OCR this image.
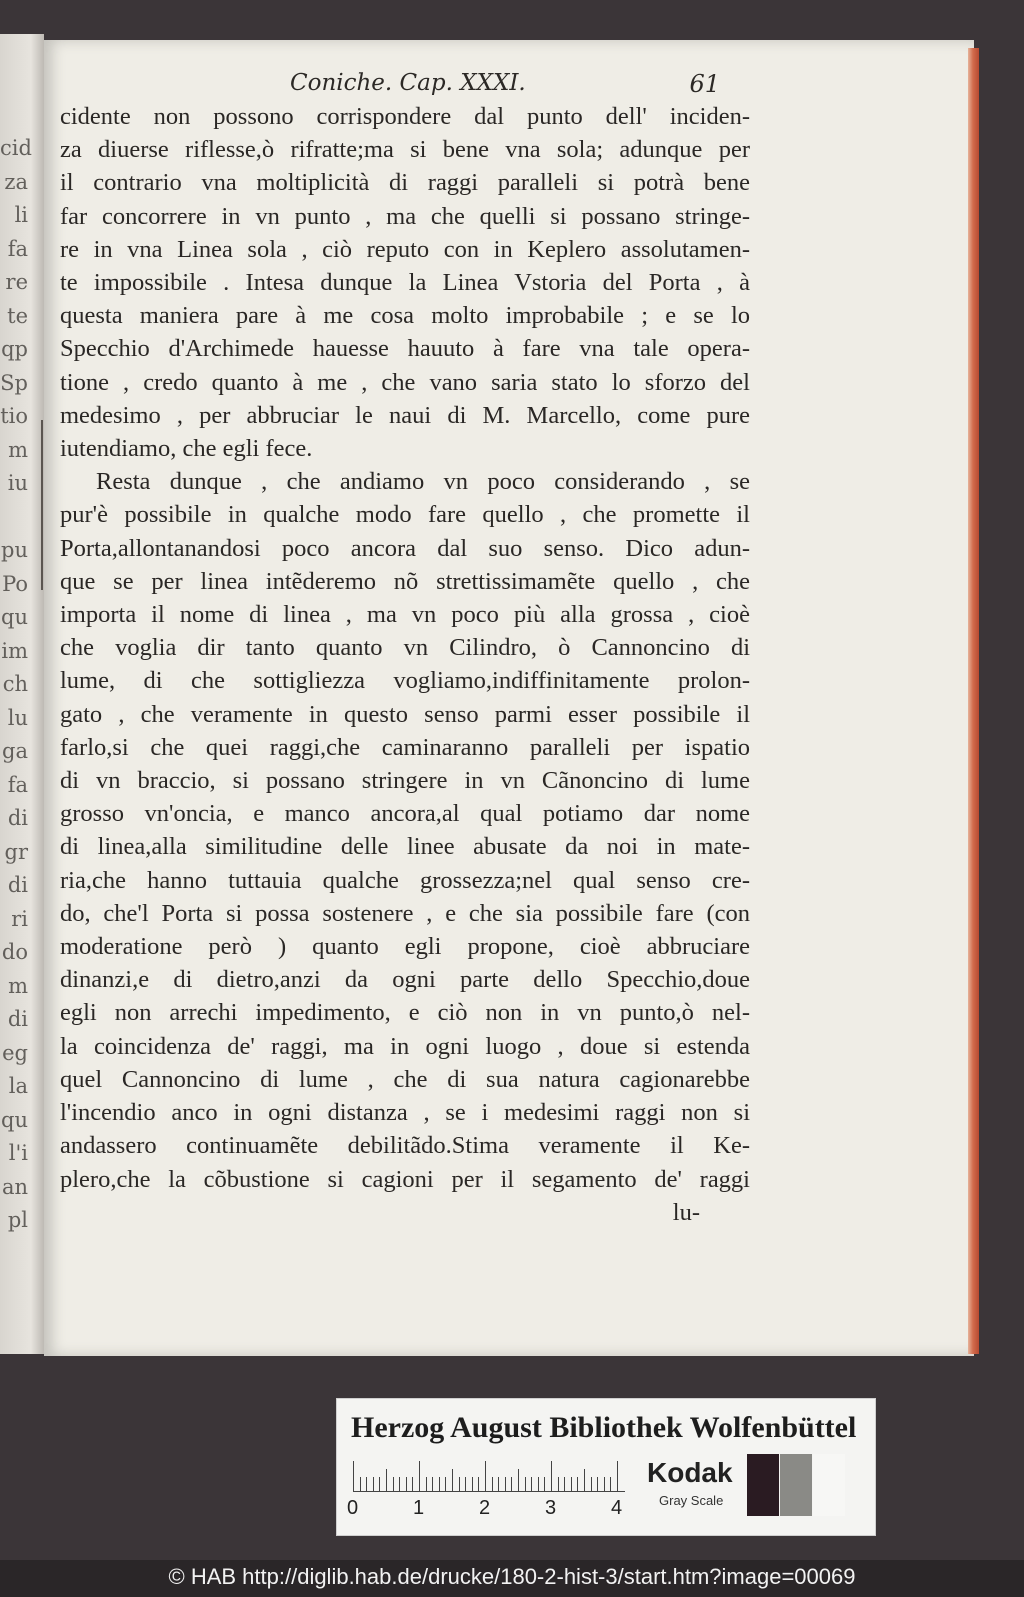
cid
za
li
fa
re
te
qp
Sp
tio
m
iu

pu
Po
qu
im
ch
lu
ga
fa
di
gr
di
ri
do
m
di
eg
la
qu
l'i
an
pl
Coniche. Cap. XXXI.	61
cidente non possono corrispondere dal punto dell' inciden-
za diuerse riflesse,ò rifratte;ma si bene vna sola; adunque per
il contrario vna moltiplicità di raggi paralleli si potrà bene
far concorrere in vn punto , ma che quelli si possano stringe-
re in vna Linea sola , ciò reputo con in Keplero assolutamen-
te impossibile . Intesa dunque la Linea Vstoria del Porta , à
questa maniera pare à me cosa molto improbabile ; e se lo
Specchio d'Archimede hauesse hauuto à fare vna tale opera-
tione , credo quanto à me , che vano saria stato lo sforzo del
medesimo , per abbruciar le naui di M. Marcello, come pure
iutendiamo, che egli fece.
Resta dunque , che andiamo vn poco considerando , se
pur'è possibile in qualche modo fare quello , che promette il
Porta,allontanandosi poco ancora dal suo senso. Dico adun-
que se per linea intẽderemo nõ strettissimamẽte quello , che
importa il nome di linea , ma vn poco più alla grossa , cioè
che voglia dir tanto quanto vn Cilindro, ò Cannoncino di
lume, di che sottigliezza vogliamo,indiffinitamente prolon-
gato , che veramente in questo senso parmi esser possibile il
farlo,si che quei raggi,che caminaranno paralleli per ispatio
di vn braccio, si possano stringere in vn Cãnoncino di lume
grosso vn'oncia, e manco ancora,al qual potiamo dar nome
di linea,alla similitudine delle linee abusate da noi in mate-
ria,che hanno tuttauia qualche grossezza;nel qual senso cre-
do, che'l Porta si possa sostenere , e che sia possibile fare (con
moderatione però ) quanto egli propone, cioè abbruciare
dinanzi,e di dietro,anzi da ogni parte dello Specchio,doue
egli non arrechi impedimento, e ciò non in vn punto,ò nel-
la coincidenza de' raggi, ma in ogni luogo , doue si estenda
quel Cannoncino di lume , che di sua natura cagionarebbe
l'incendio anco in ogni distanza , se i medesimi raggi non si
andassero continuamẽte debilitãdo.Stima veramente il Ke-
plero,che la cõbustione si cagioni per il segamento de' raggi
lu-
Herzog August Bibliothek Wolfenbüttel
0	1	2	3	4
Kodak
Gray Scale
© HAB http://diglib.hab.de/drucke/180-2-hist-3/start.htm?image=00069
